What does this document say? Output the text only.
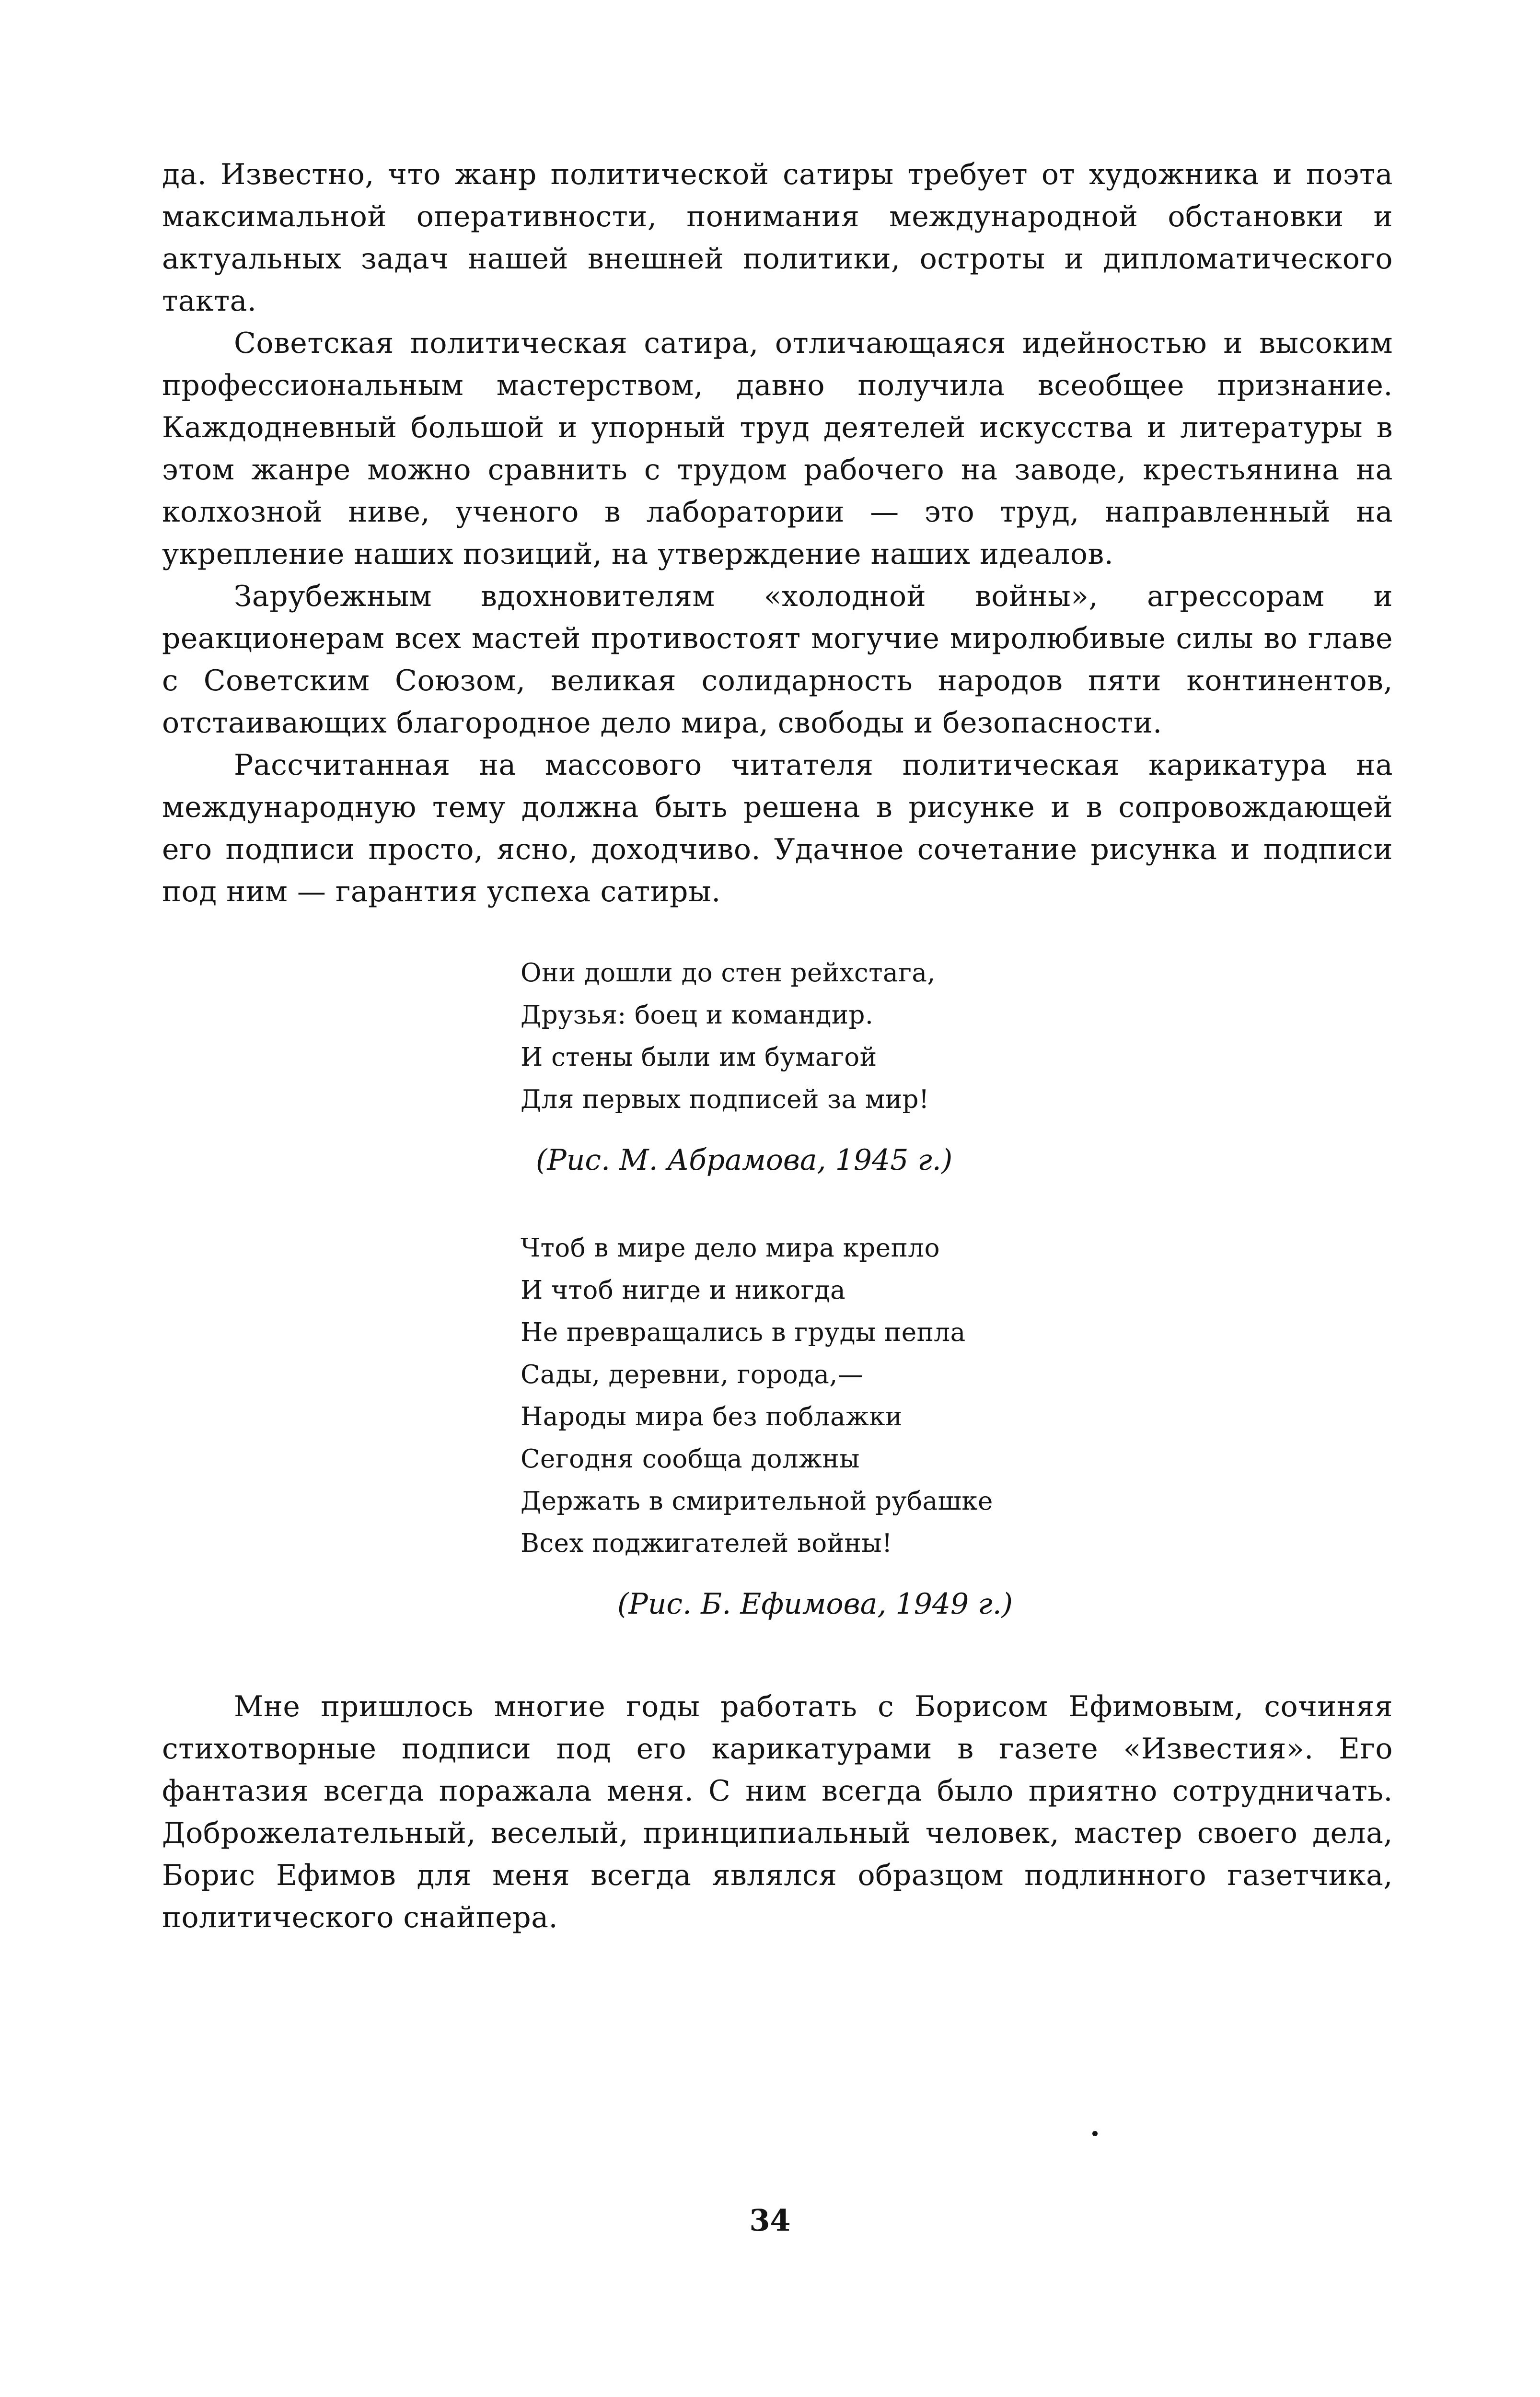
да. Известно, что жанр политической сатиры требует от художника и поэта максимальной оперативности, понимания международной обстановки и актуальных задач нашей внешней политики, остроты и дипломатического такта.

Советская политическая сатира, отличающаяся идейностью и высоким профессиональным мастерством, давно получила всеобщее признание. Каждодневный большой и упорный труд деятелей искусства и литературы в этом жанре можно сравнить с трудом рабочего на заводе, крестьянина на колхозной ниве, ученого в лаборатории — это труд, направленный на укрепление наших позиций, на утверждение наших идеалов.

Зарубежным вдохновителям «холодной войны», агрессорам и реакционерам всех мастей противостоят могучие миролюбивые силы во главе с Советским Союзом, великая солидарность народов пяти континентов, отстаивающих благородное дело мира, свободы и безопасности.

Рассчитанная на массового читателя политическая карикатура на международную тему должна быть решена в рисунке и в сопровождающей его подписи просто, ясно, доходчиво. Удачное сочетание рисунка и подписи под ним — гарантия успеха сатиры.

Они дошли до стен рейхстага,
Друзья: боец и командир.
И стены были им бумагой
Для первых подписей за мир!
(Рис. М. Абрамова, 1945 г.)
Чтоб в мире дело мира крепло
И чтоб нигде и никогда
Не превращались в груды пепла
Сады, деревни, города,—
Народы мира без поблажки
Сегодня сообща должны
Держать в смирительной рубашке
Всех поджигателей войны!
(Рис. Б. Ефимова, 1949 г.)

Мне пришлось многие годы работать с Борисом Ефимовым, сочиняя стихотворные подписи под его карикатурами в газете «Известия». Его фантазия всегда поражала меня. С ним всегда было приятно сотрудничать. Доброжелательный, веселый, принципиальный человек, мастер своего дела, Борис Ефимов для меня всегда являлся образцом подлинного газетчика, политического снайпера.

34
